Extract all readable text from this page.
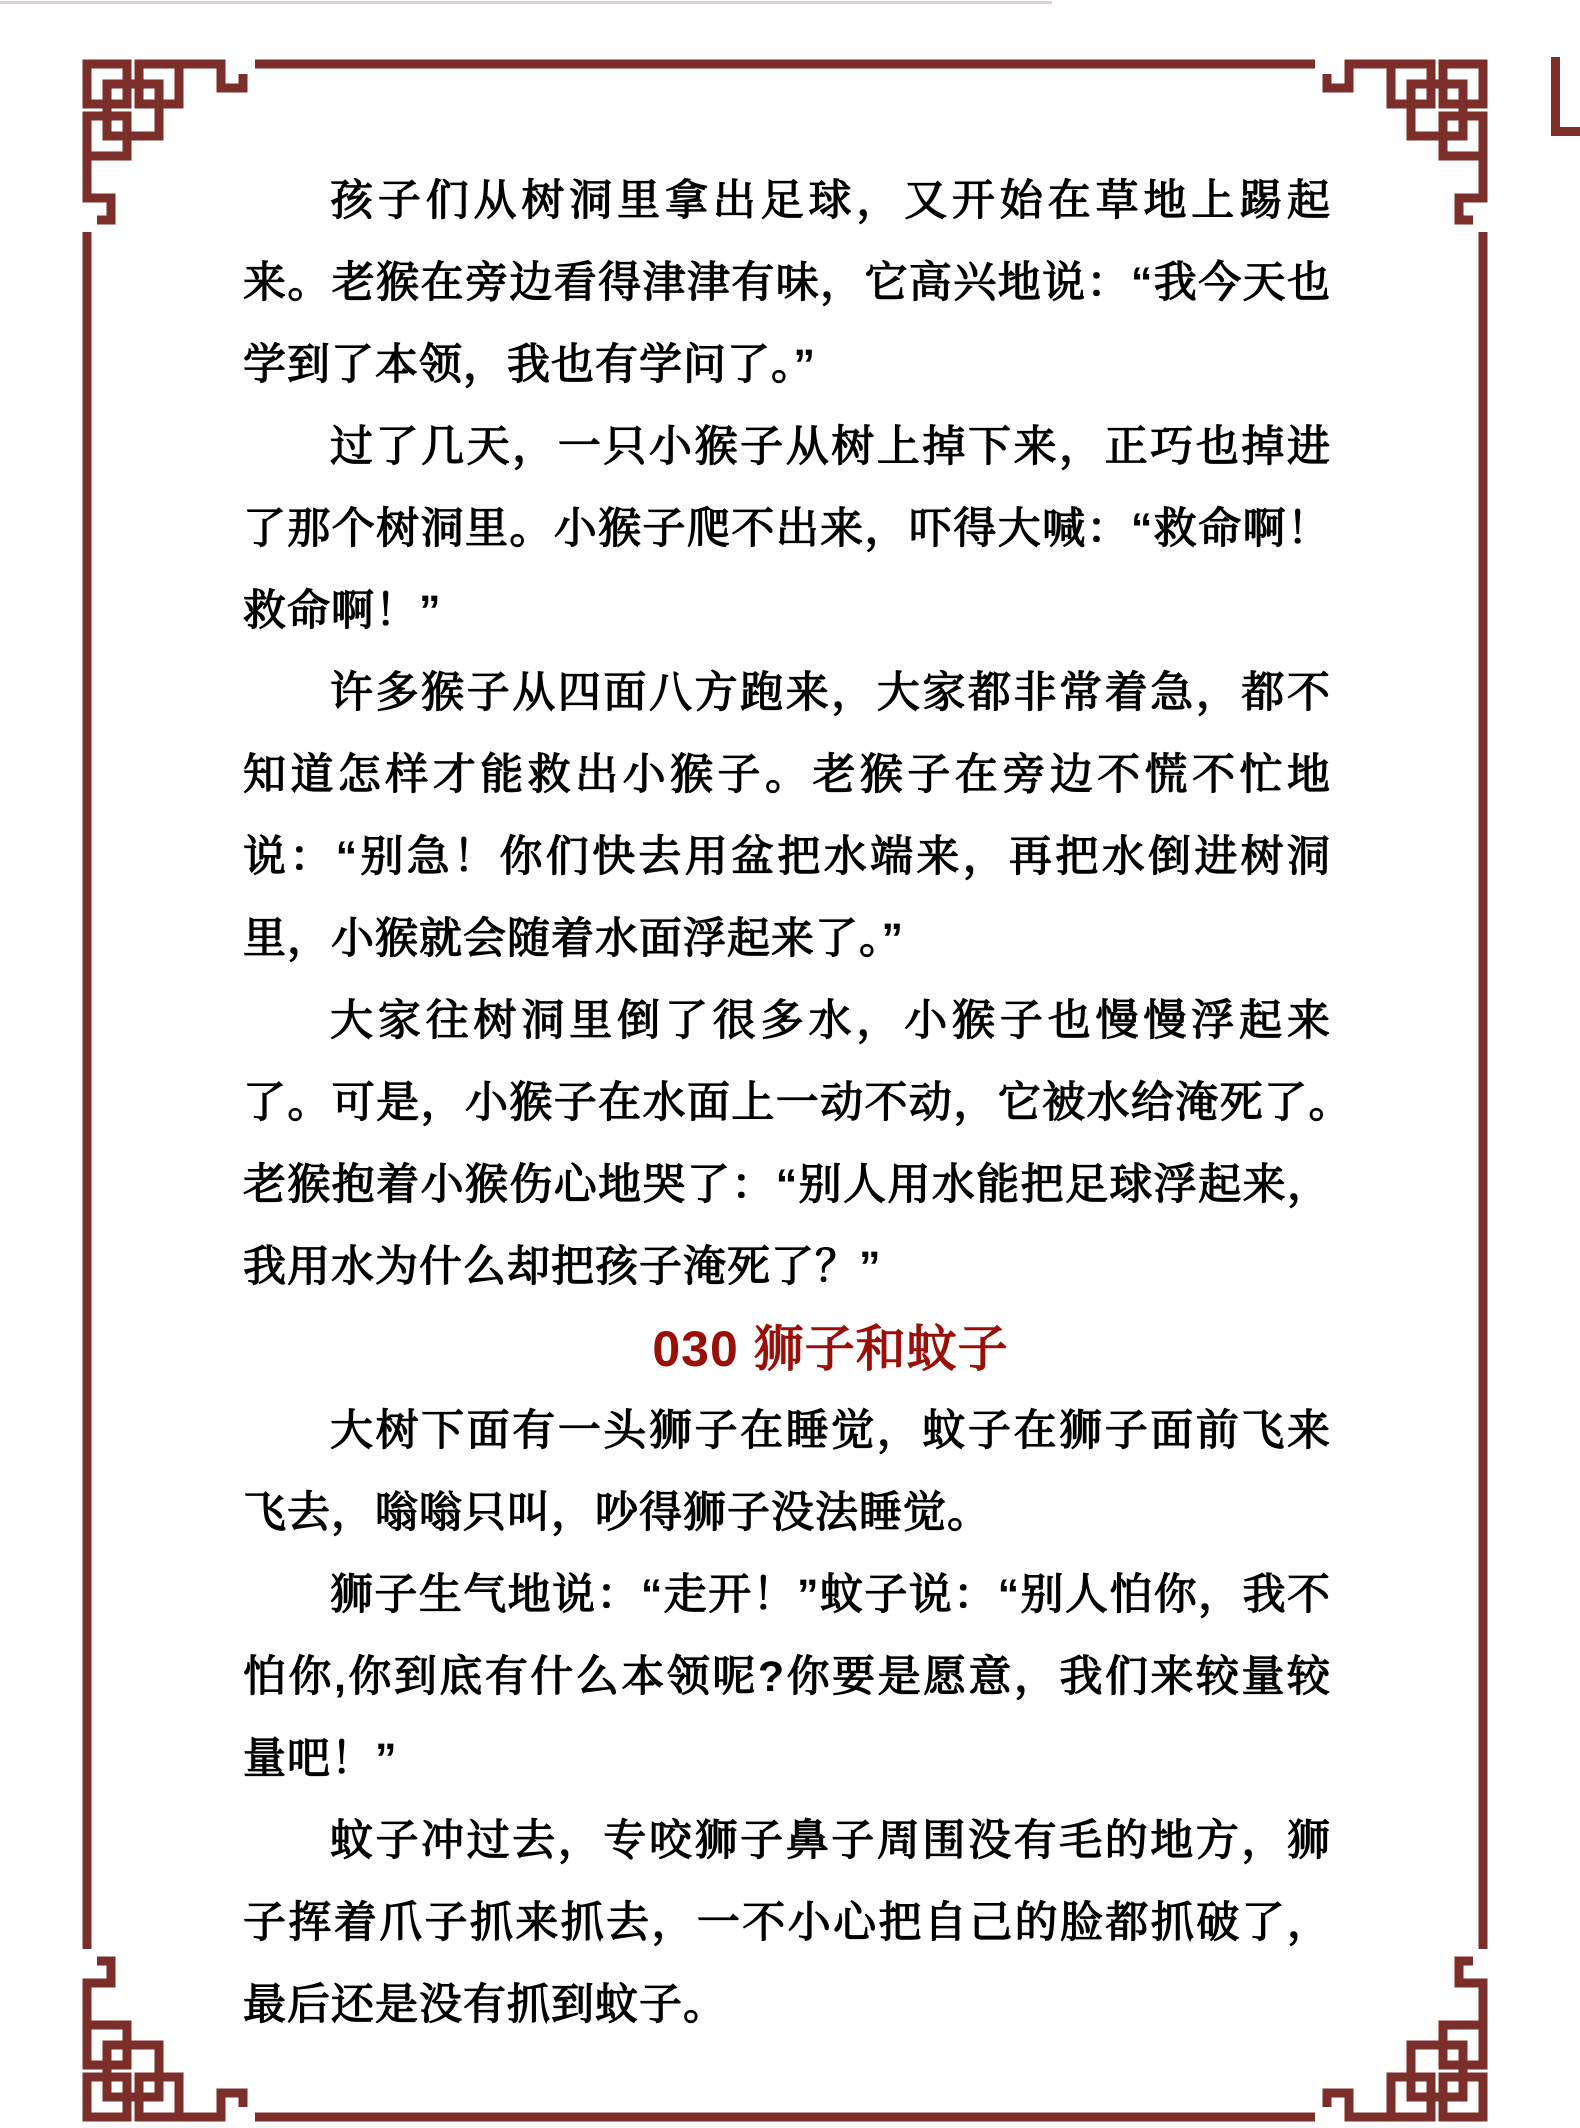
孩子们从树洞里拿出足球，又开始在草地上踢起来。老猴在旁边看得津津有味，它高兴地说：“我今天也学到了本领，我也有学问了。”

过了几天，一只小猴子从树上掉下来，正巧也掉进了那个树洞里。小猴子爬不出来，吓得大喊：“救命啊！救命啊！”

许多猴子从四面八方跑来，大家都非常着急，都不知道怎样才能救出小猴子。老猴子在旁边不慌不忙地说：“别急！你们快去用盆把水端来，再把水倒进树洞里，小猴就会随着水面浮起来了。”

大家往树洞里倒了很多水，小猴子也慢慢浮起来了。可是，小猴子在水面上一动不动，它被水给淹死了。　老猴抱着小猴伤心地哭了：“别人用水能把足球浮起来，我用水为什么却把孩子淹死了？”

030 狮子和蚊子

大树下面有一头狮子在睡觉，蚊子在狮子面前飞来飞去，嗡嗡只叫，吵得狮子没法睡觉。

狮子生气地说：“走开！”蚊子说：“别人怕你，我不怕你,你到底有什么本领呢?你要是愿意，我们来较量较量吧！”

蚊子冲过去，专咬狮子鼻子周围没有毛的地方，狮子挥着爪子抓来抓去，一不小心把自己的脸都抓破了，最后还是没有抓到蚊子。
